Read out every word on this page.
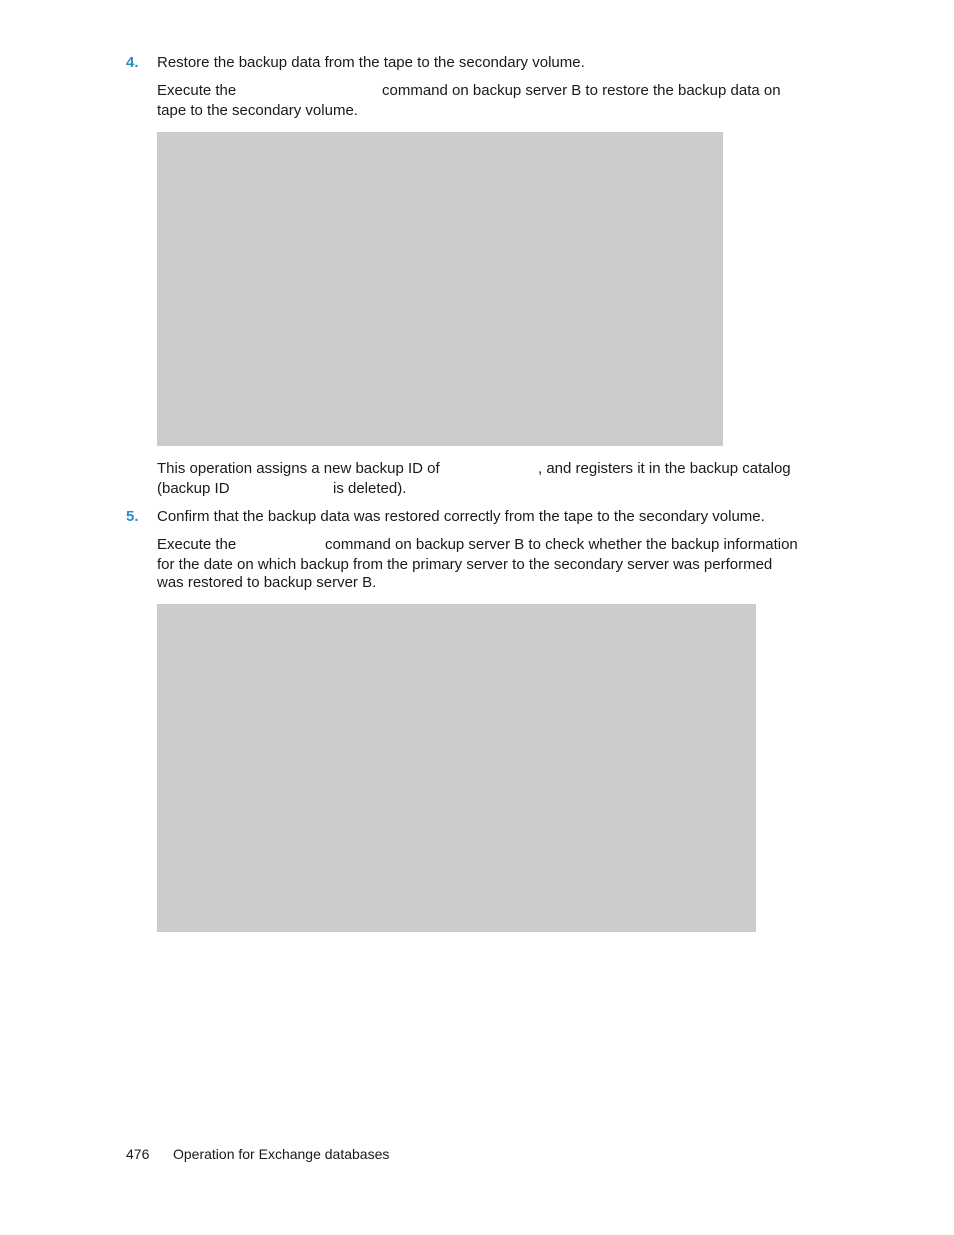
4. Restore the backup data from the tape to the secondary volume.
Execute the	command on backup server B to restore the backup data on
tape to the secondary volume.
This operation assigns a new backup ID of	, and registers it in the backup catalog
(backup ID	is deleted).
5. Confirm that the backup data was restored correctly from the tape to the secondary volume.
Execute the	command on backup server B to check whether the backup information
for the date on which backup from the primary server to the secondary server was performed
was restored to backup server B.
476 Operation for Exchange databases
